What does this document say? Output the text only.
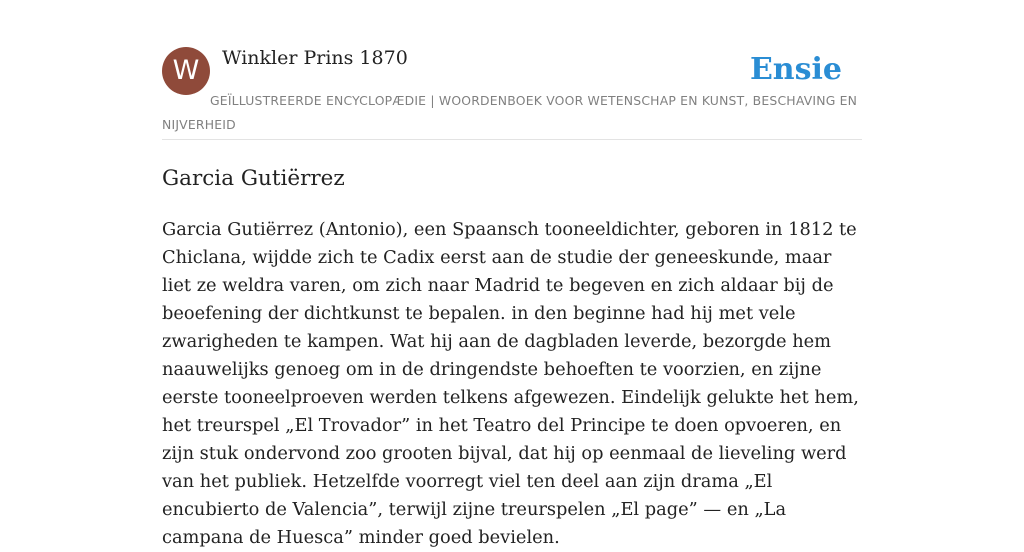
W	Winkler Prins 1870	Ensie
GEÏLLUSTREERDE ENCYCLOPÆDIE | WOORDENBOEK VOOR WETENSCHAP EN KUNST, BESCHAVING EN NIJVERHEID
Garcia Gutiërrez

Garcia Gutiërrez (Antonio), een Spaansch tooneeldichter, geboren in 1812 te Chiclana, wijdde zich te Cadix eerst aan de studie der geneeskunde, maar liet ze weldra varen, om zich naar Madrid te begeven en zich aldaar bij de beoefening der dichtkunst te bepalen. in den beginne had hij met vele zwarigheden te kampen. Wat hij aan de dagbladen leverde, bezorgde hem naauwelijks genoeg om in de dringendste behoeften te voorzien, en zijne eerste tooneelproeven werden telkens afgewezen. Eindelijk gelukte het hem, het treurspel „El Trovador” in het Teatro del Principe te doen opvoeren, en zijn stuk ondervond zoo grooten bijval, dat hij op eenmaal de lieveling werd van het publiek. Hetzelfde voorregt viel ten deel aan zijn drama „El encubierto de Valencia”, terwijl zijne treurspelen „El page” — en „La campana de Huesca” minder goed bevielen.
